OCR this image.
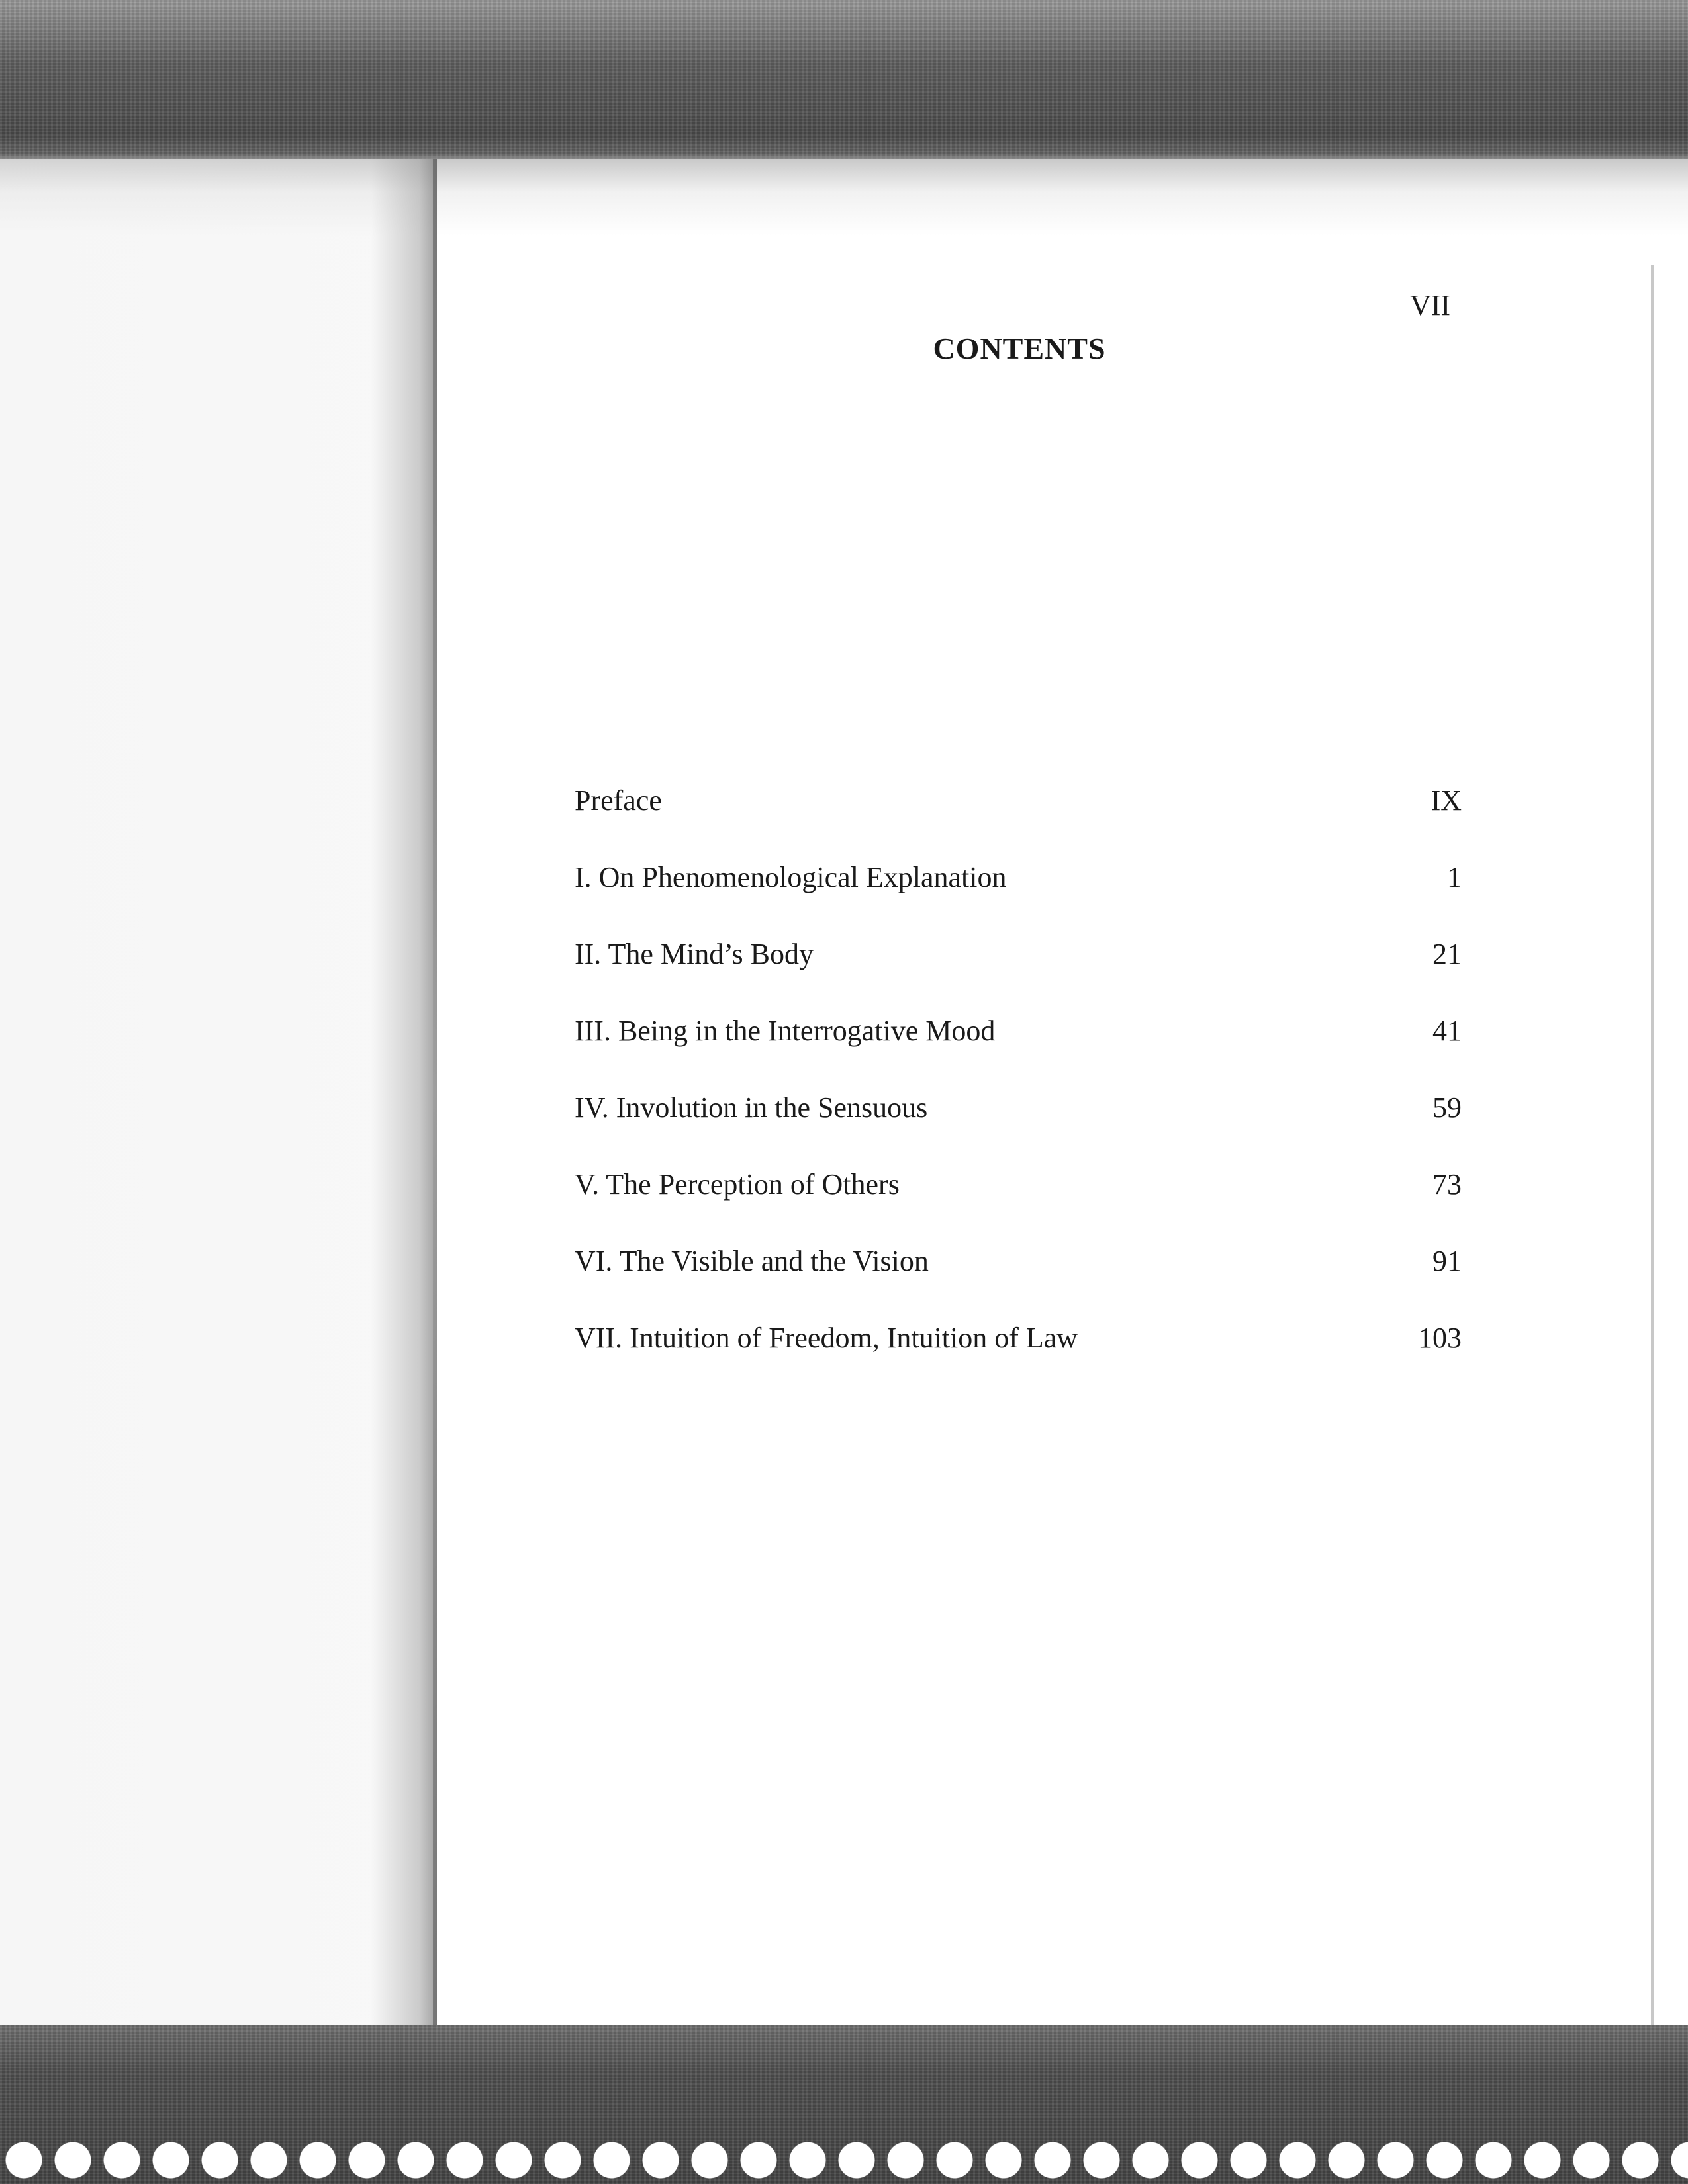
VII
CONTENTS
Preface	IX
I. On Phenomenological Explanation	1
II. The Mind’s Body	21
III. Being in the Interrogative Mood	41
IV. Involution in the Sensuous	59
V. The Perception of Others	73
VI. The Visible and the Vision	91
VII. Intuition of Freedom, Intuition of Law	103
